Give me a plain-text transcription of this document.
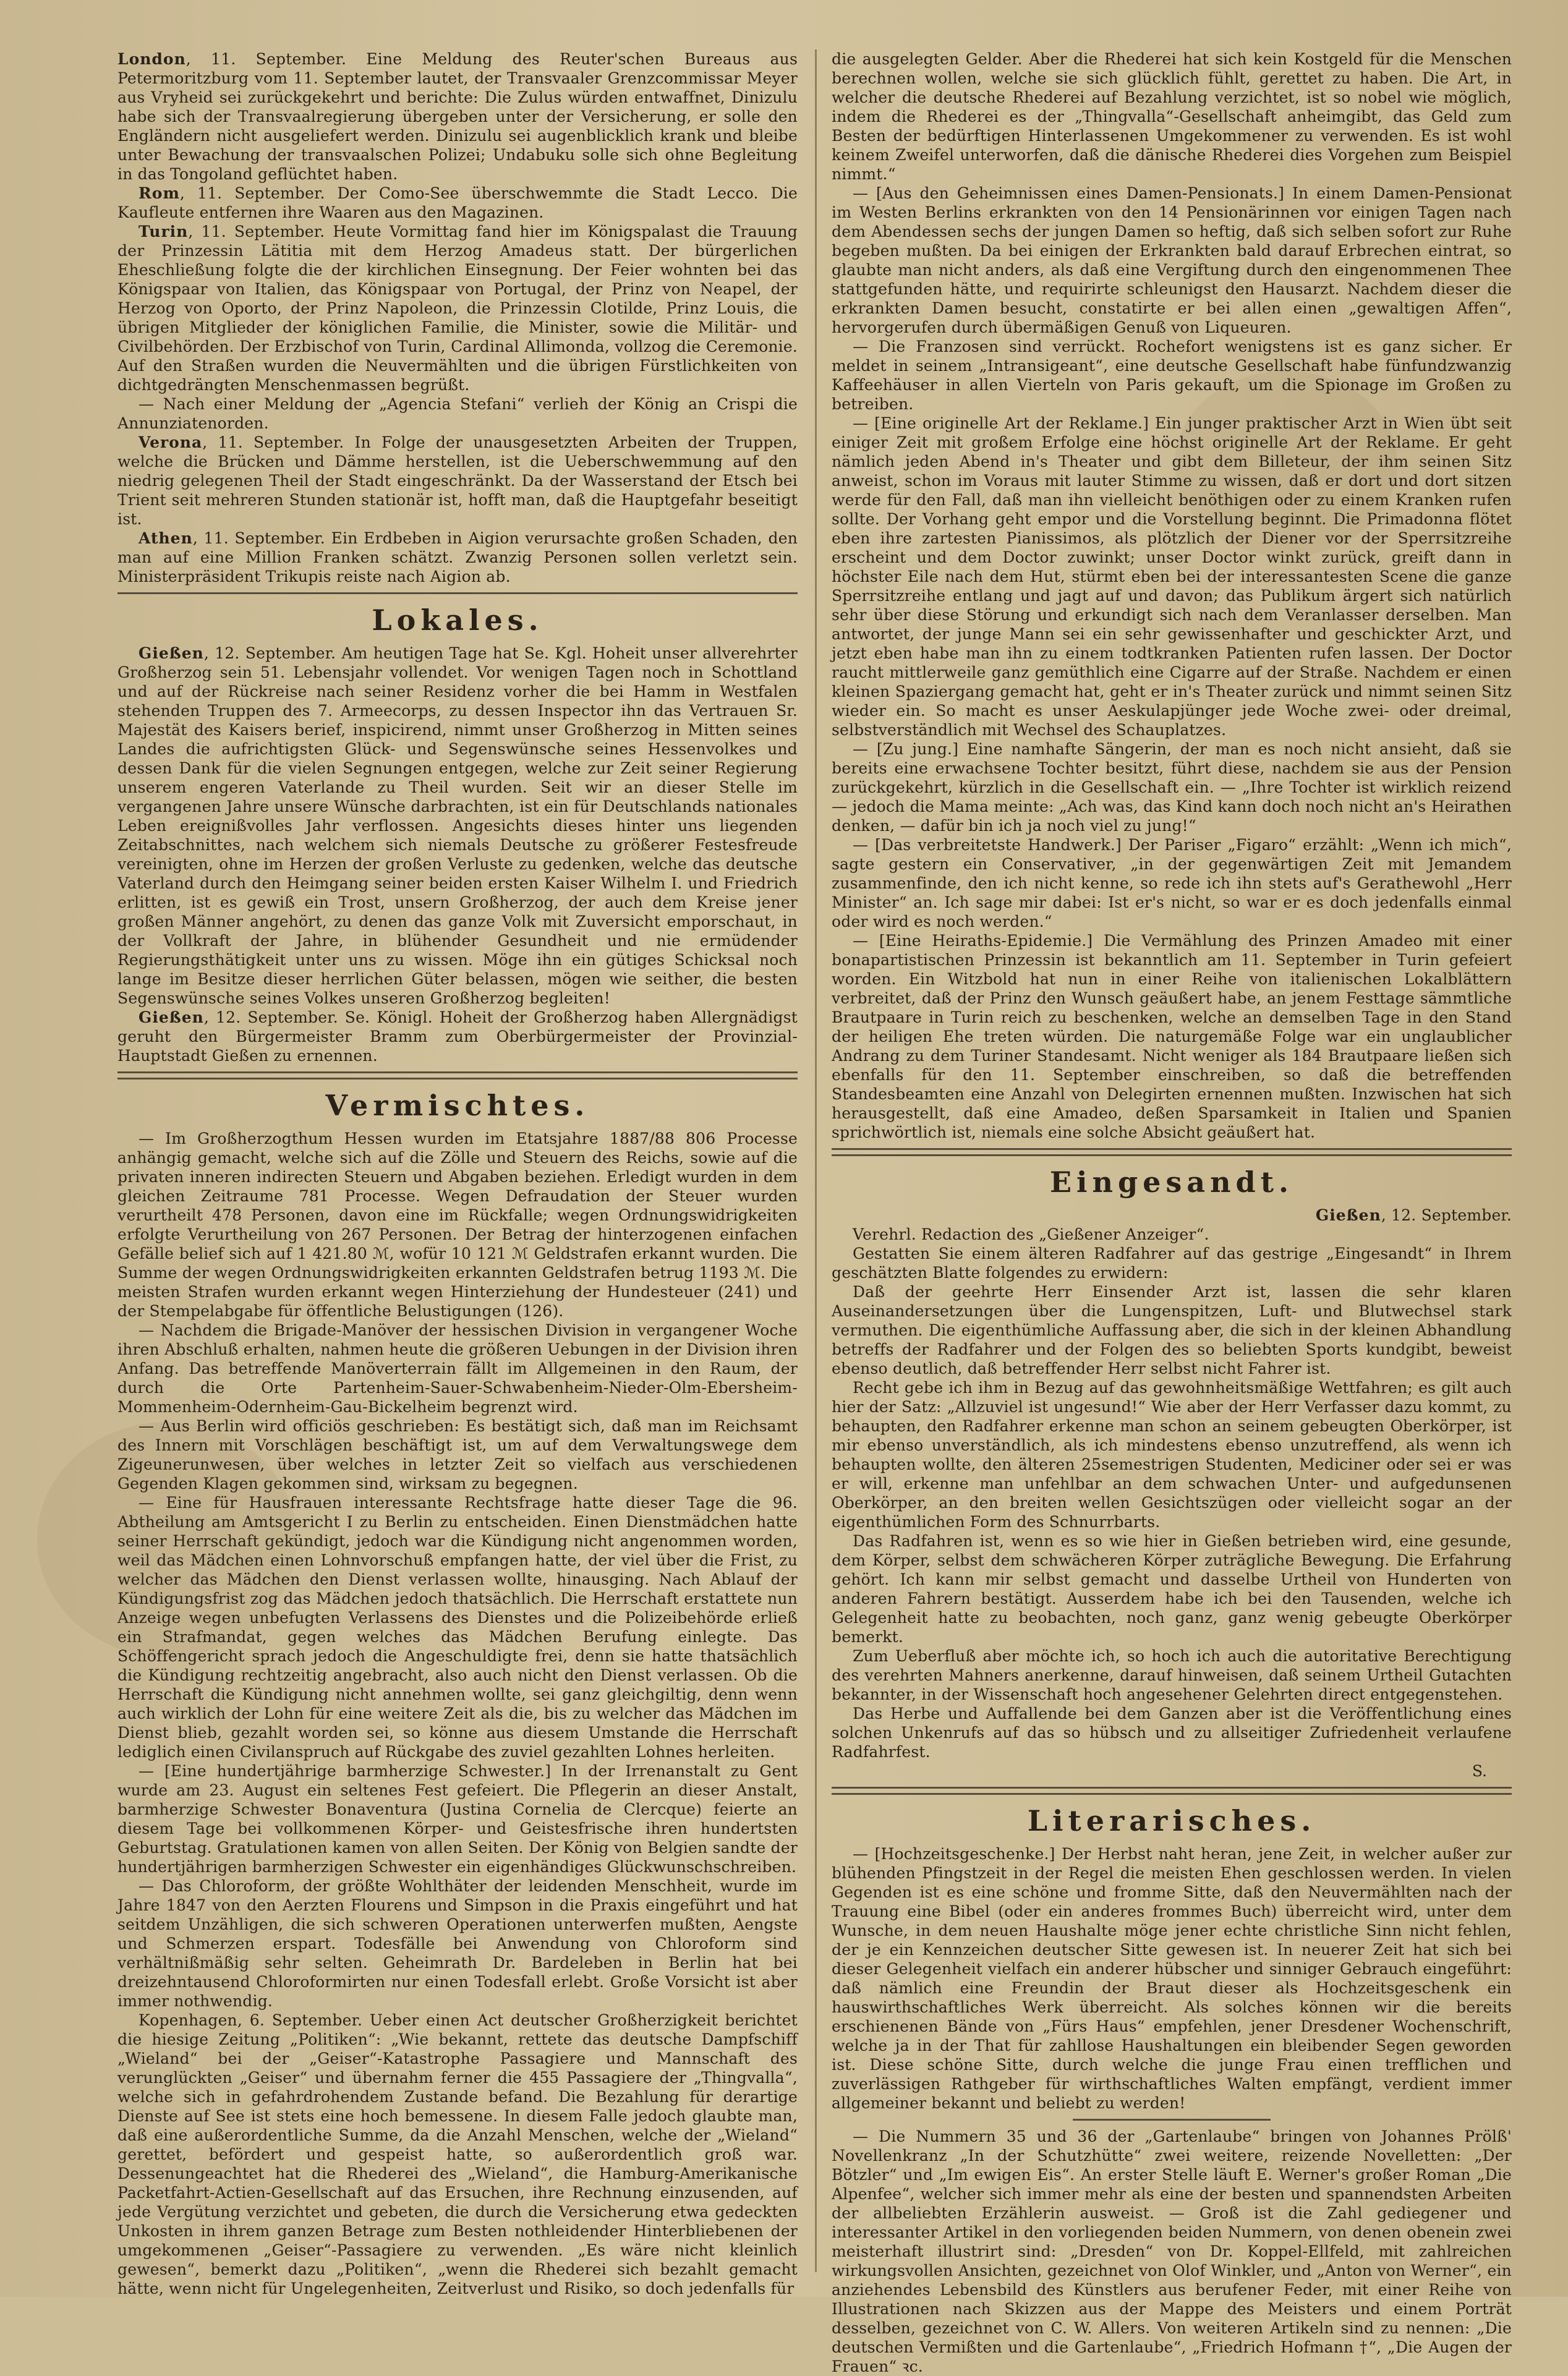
London, 11. September. Eine Meldung des Reuter'schen Bureaus aus Petermoritzburg vom 11. September lautet, der Transvaaler Grenzcommissar Meyer aus Vryheid sei zurückgekehrt und berichte: Die Zulus würden entwaffnet, Dinizulu habe sich der Transvaalregierung übergeben unter der Versicherung, er solle den Engländern nicht ausgeliefert werden. Dinizulu sei augenblicklich krank und bleibe unter Bewachung der transvaalschen Polizei; Undabuku solle sich ohne Begleitung in das Tongoland geflüchtet haben.

Rom, 11. September. Der Como-See überschwemmte die Stadt Lecco. Die Kaufleute entfernen ihre Waaren aus den Magazinen.

Turin, 11. September. Heute Vormittag fand hier im Königspalast die Trauung der Prinzessin Lätitia mit dem Herzog Amadeus statt. Der bürgerlichen Eheschließung folgte die der kirchlichen Einsegnung. Der Feier wohnten bei das Königspaar von Italien, das Königspaar von Portugal, der Prinz von Neapel, der Herzog von Oporto, der Prinz Napoleon, die Prinzessin Clotilde, Prinz Louis, die übrigen Mitglieder der königlichen Familie, die Minister, sowie die Militär- und Civilbehörden. Der Erzbischof von Turin, Cardinal Allimonda, vollzog die Ceremonie. Auf den Straßen wurden die Neuvermählten und die übrigen Fürstlichkeiten von dichtgedrängten Menschenmassen begrüßt.

— Nach einer Meldung der „Agencia Stefani“ verlieh der König an Crispi die Annunziatenorden.

Verona, 11. September. In Folge der unausgesetzten Arbeiten der Truppen, welche die Brücken und Dämme herstellen, ist die Ueberschwemmung auf den niedrig gelegenen Theil der Stadt eingeschränkt. Da der Wasserstand der Etsch bei Trient seit mehreren Stunden stationär ist, hofft man, daß die Hauptgefahr beseitigt ist.

Athen, 11. September. Ein Erdbeben in Aigion verursachte großen Schaden, den man auf eine Million Franken schätzt. Zwanzig Personen sollen verletzt sein. Ministerpräsident Trikupis reiste nach Aigion ab.

Lokales.

Gießen, 12. September. Am heutigen Tage hat Se. Kgl. Hoheit unser allverehrter Großherzog sein 51. Lebensjahr vollendet. Vor wenigen Tagen noch in Schottland und auf der Rückreise nach seiner Residenz vorher die bei Hamm in Westfalen stehenden Truppen des 7. Armeecorps, zu dessen Inspector ihn das Vertrauen Sr. Majestät des Kaisers berief, inspicirend, nimmt unser Großherzog in Mitten seines Landes die aufrichtigsten Glück- und Segenswünsche seines Hessenvolkes und dessen Dank für die vielen Segnungen entgegen, welche zur Zeit seiner Regierung unserem engeren Vaterlande zu Theil wurden. Seit wir an dieser Stelle im vergangenen Jahre unsere Wünsche darbrachten, ist ein für Deutschlands nationales Leben ereignißvolles Jahr verflossen. Angesichts dieses hinter uns liegenden Zeitabschnittes, nach welchem sich niemals Deutsche zu größerer Festesfreude vereinigten, ohne im Herzen der großen Verluste zu gedenken, welche das deutsche Vaterland durch den Heimgang seiner beiden ersten Kaiser Wilhelm I. und Friedrich erlitten, ist es gewiß ein Trost, unsern Großherzog, der auch dem Kreise jener großen Männer angehört, zu denen das ganze Volk mit Zuversicht emporschaut, in der Vollkraft der Jahre, in blühender Gesundheit und nie ermüdender Regierungsthätigkeit unter uns zu wissen. Möge ihn ein gütiges Schicksal noch lange im Besitze dieser herrlichen Güter belassen, mögen wie seither, die besten Segenswünsche seines Volkes unseren Großherzog begleiten!

Gießen, 12. September. Se. Königl. Hoheit der Großherzog haben Allergnädigst geruht den Bürgermeister Bramm zum Oberbürgermeister der Provinzial-Hauptstadt Gießen zu ernennen.

Vermischtes.

— Im Großherzogthum Hessen wurden im Etatsjahre 1887/88 806 Processe anhängig gemacht, welche sich auf die Zölle und Steuern des Reichs, sowie auf die privaten inneren indirecten Steuern und Abgaben beziehen. Erledigt wurden in dem gleichen Zeitraume 781 Processe. Wegen Defraudation der Steuer wurden verurtheilt 478 Personen, davon eine im Rückfalle; wegen Ordnungswidrigkeiten erfolgte Verurtheilung von 267 Personen. Der Betrag der hinterzogenen einfachen Gefälle belief sich auf 1 421.80 ℳ, wofür 10 121 ℳ Geldstrafen erkannt wurden. Die Summe der wegen Ordnungswidrigkeiten erkannten Geldstrafen betrug 1193 ℳ. Die meisten Strafen wurden erkannt wegen Hinterziehung der Hundesteuer (241) und der Stempelabgabe für öffentliche Belustigungen (126).

— Nachdem die Brigade-Manöver der hessischen Division in vergangener Woche ihren Abschluß erhalten, nahmen heute die größeren Uebungen in der Division ihren Anfang. Das betreffende Manöverterrain fällt im Allgemeinen in den Raum, der durch die Orte Partenheim-Sauer-Schwabenheim-Nieder-Olm-Ebersheim-Mommenheim-Odernheim-Gau-Bickelheim begrenzt wird.

— Aus Berlin wird officiös geschrieben: Es bestätigt sich, daß man im Reichsamt des Innern mit Vorschlägen beschäftigt ist, um auf dem Verwaltungswege dem Zigeunerunwesen, über welches in letzter Zeit so vielfach aus verschiedenen Gegenden Klagen gekommen sind, wirksam zu begegnen.

— Eine für Hausfrauen interessante Rechtsfrage hatte dieser Tage die 96. Abtheilung am Amtsgericht I zu Berlin zu entscheiden. Einen Dienstmädchen hatte seiner Herrschaft gekündigt, jedoch war die Kündigung nicht angenommen worden, weil das Mädchen einen Lohnvorschuß empfangen hatte, der viel über die Frist, zu welcher das Mädchen den Dienst verlassen wollte, hinausging. Nach Ablauf der Kündigungsfrist zog das Mädchen jedoch thatsächlich. Die Herrschaft erstattete nun Anzeige wegen unbefugten Verlassens des Dienstes und die Polizeibehörde erließ ein Strafmandat, gegen welches das Mädchen Berufung einlegte. Das Schöffengericht sprach jedoch die Angeschuldigte frei, denn sie hatte thatsächlich die Kündigung rechtzeitig angebracht, also auch nicht den Dienst verlassen. Ob die Herrschaft die Kündigung nicht annehmen wollte, sei ganz gleichgiltig, denn wenn auch wirklich der Lohn für eine weitere Zeit als die, bis zu welcher das Mädchen im Dienst blieb, gezahlt worden sei, so könne aus diesem Umstande die Herrschaft lediglich einen Civilanspruch auf Rückgabe des zuviel gezahlten Lohnes herleiten.

— [Eine hundertjährige barmherzige Schwester.] In der Irrenanstalt zu Gent wurde am 23. August ein seltenes Fest gefeiert. Die Pflegerin an dieser Anstalt, barmherzige Schwester Bonaventura (Justina Cornelia de Clercque) feierte an diesem Tage bei vollkommenen Körper- und Geistesfrische ihren hundertsten Geburtstag. Gratulationen kamen von allen Seiten. Der König von Belgien sandte der hundertjährigen barmherzigen Schwester ein eigenhändiges Glückwunschschreiben.

— Das Chloroform, der größte Wohlthäter der leidenden Menschheit, wurde im Jahre 1847 von den Aerzten Flourens und Simpson in die Praxis eingeführt und hat seitdem Unzähligen, die sich schweren Operationen unterwerfen mußten, Aengste und Schmerzen erspart. Todesfälle bei Anwendung von Chloroform sind verhältnißmäßig sehr selten. Geheimrath Dr. Bardeleben in Berlin hat bei dreizehntausend Chloroformirten nur einen Todesfall erlebt. Große Vorsicht ist aber immer nothwendig.

Kopenhagen, 6. September. Ueber einen Act deutscher Großherzigkeit berichtet die hiesige Zeitung „Politiken“: „Wie bekannt, rettete das deutsche Dampfschiff „Wieland“ bei der „Geiser“-Katastrophe Passagiere und Mannschaft des verunglückten „Geiser“ und übernahm ferner die 455 Passagiere der „Thingvalla“, welche sich in gefahrdrohendem Zustande befand. Die Bezahlung für derartige Dienste auf See ist stets eine hoch bemessene. In diesem Falle jedoch glaubte man, daß eine außerordentliche Summe, da die Anzahl Menschen, welche der „Wieland“ gerettet, befördert und gespeist hatte, so außerordentlich groß war. Dessenungeachtet hat die Rhederei des „Wieland“, die Hamburg-Amerikanische Packetfahrt-Actien-Gesellschaft auf das Ersuchen, ihre Rechnung einzusenden, auf jede Vergütung verzichtet und gebeten, die durch die Versicherung etwa gedeckten Unkosten in ihrem ganzen Betrage zum Besten nothleidender Hinterbliebenen der umgekommenen „Geiser“-Passagiere zu verwenden. „Es wäre nicht kleinlich gewesen“, bemerkt dazu „Politiken“, „wenn die Rhederei sich bezahlt gemacht hätte, wenn nicht für Ungelegenheiten, Zeitverlust und Risiko, so doch jedenfalls für

die ausgelegten Gelder. Aber die Rhederei hat sich kein Kostgeld für die Menschen berechnen wollen, welche sie sich glücklich fühlt, gerettet zu haben. Die Art, in welcher die deutsche Rhederei auf Bezahlung verzichtet, ist so nobel wie möglich, indem die Rhederei es der „Thingvalla“-Gesellschaft anheimgibt, das Geld zum Besten der bedürftigen Hinterlassenen Umgekommener zu verwenden. Es ist wohl keinem Zweifel unterworfen, daß die dänische Rhederei dies Vorgehen zum Beispiel nimmt.“

— [Aus den Geheimnissen eines Damen-Pensionats.] In einem Damen-Pensionat im Westen Berlins erkrankten von den 14 Pensionärinnen vor einigen Tagen nach dem Abendessen sechs der jungen Damen so heftig, daß sich selben sofort zur Ruhe begeben mußten. Da bei einigen der Erkrankten bald darauf Erbrechen eintrat, so glaubte man nicht anders, als daß eine Vergiftung durch den eingenommenen Thee stattgefunden hätte, und requirirte schleunigst den Hausarzt. Nachdem dieser die erkrankten Damen besucht, constatirte er bei allen einen „gewaltigen Affen“, hervorgerufen durch übermäßigen Genuß von Liqueuren.

— Die Franzosen sind verrückt. Rochefort wenigstens ist es ganz sicher. Er meldet in seinem „Intransigeant“, eine deutsche Gesellschaft habe fünfundzwanzig Kaffeehäuser in allen Vierteln von Paris gekauft, um die Spionage im Großen zu betreiben.

— [Eine originelle Art der Reklame.] Ein junger praktischer Arzt in Wien übt seit einiger Zeit mit großem Erfolge eine höchst originelle Art der Reklame. Er geht nämlich jeden Abend in's Theater und gibt dem Billeteur, der ihm seinen Sitz anweist, schon im Voraus mit lauter Stimme zu wissen, daß er dort und dort sitzen werde für den Fall, daß man ihn vielleicht benöthigen oder zu einem Kranken rufen sollte. Der Vorhang geht empor und die Vorstellung beginnt. Die Primadonna flötet eben ihre zartesten Pianissimos, als plötzlich der Diener vor der Sperrsitzreihe erscheint und dem Doctor zuwinkt; unser Doctor winkt zurück, greift dann in höchster Eile nach dem Hut, stürmt eben bei der interessantesten Scene die ganze Sperrsitzreihe entlang und jagt auf und davon; das Publikum ärgert sich natürlich sehr über diese Störung und erkundigt sich nach dem Veranlasser derselben. Man antwortet, der junge Mann sei ein sehr gewissenhafter und geschickter Arzt, und jetzt eben habe man ihn zu einem todtkranken Patienten rufen lassen. Der Doctor raucht mittlerweile ganz gemüthlich eine Cigarre auf der Straße. Nachdem er einen kleinen Spaziergang gemacht hat, geht er in's Theater zurück und nimmt seinen Sitz wieder ein. So macht es unser Aeskulapjünger jede Woche zwei- oder dreimal, selbstverständlich mit Wechsel des Schauplatzes.

— [Zu jung.] Eine namhafte Sängerin, der man es noch nicht ansieht, daß sie bereits eine erwachsene Tochter besitzt, führt diese, nachdem sie aus der Pension zurückgekehrt, kürzlich in die Gesellschaft ein. — „Ihre Tochter ist wirklich reizend — jedoch die Mama meinte: „Ach was, das Kind kann doch noch nicht an's Heirathen denken, — dafür bin ich ja noch viel zu jung!“

— [Das verbreitetste Handwerk.] Der Pariser „Figaro“ erzählt: „Wenn ich mich“, sagte gestern ein Conservativer, „in der gegenwärtigen Zeit mit Jemandem zusammenfinde, den ich nicht kenne, so rede ich ihn stets auf's Gerathewohl „Herr Minister“ an. Ich sage mir dabei: Ist er's nicht, so war er es doch jedenfalls einmal oder wird es noch werden.“

— [Eine Heiraths-Epidemie.] Die Vermählung des Prinzen Amadeo mit einer bonapartistischen Prinzessin ist bekanntlich am 11. September in Turin gefeiert worden. Ein Witzbold hat nun in einer Reihe von italienischen Lokalblättern verbreitet, daß der Prinz den Wunsch geäußert habe, an jenem Festtage sämmtliche Brautpaare in Turin reich zu beschenken, welche an demselben Tage in den Stand der heiligen Ehe treten würden. Die naturgemäße Folge war ein unglaublicher Andrang zu dem Turiner Standesamt. Nicht weniger als 184 Brautpaare ließen sich ebenfalls für den 11. September einschreiben, so daß die betreffenden Standesbeamten eine Anzahl von Delegirten ernennen mußten. Inzwischen hat sich herausgestellt, daß eine Amadeo, deßen Sparsamkeit in Italien und Spanien sprichwörtlich ist, niemals eine solche Absicht geäußert hat.

Eingesandt.

Gießen, 12. September.

Verehrl. Redaction des „Gießener Anzeiger“.

Gestatten Sie einem älteren Radfahrer auf das gestrige „Eingesandt“ in Ihrem geschätzten Blatte folgendes zu erwidern:

Daß der geehrte Herr Einsender Arzt ist, lassen die sehr klaren Auseinandersetzungen über die Lungenspitzen, Luft- und Blutwechsel stark vermuthen. Die eigenthümliche Auffassung aber, die sich in der kleinen Abhandlung betreffs der Radfahrer und der Folgen des so beliebten Sports kundgibt, beweist ebenso deutlich, daß betreffender Herr selbst nicht Fahrer ist.

Recht gebe ich ihm in Bezug auf das gewohnheitsmäßige Wettfahren; es gilt auch hier der Satz: „Allzuviel ist ungesund!“ Wie aber der Herr Verfasser dazu kommt, zu behaupten, den Radfahrer erkenne man schon an seinem gebeugten Oberkörper, ist mir ebenso unverständlich, als ich mindestens ebenso unzutreffend, als wenn ich behaupten wollte, den älteren 25semestrigen Studenten, Mediciner oder sei er was er will, erkenne man unfehlbar an dem schwachen Unter- und aufgedunsenen Oberkörper, an den breiten wellen Gesichtszügen oder vielleicht sogar an der eigenthümlichen Form des Schnurrbarts.

Das Radfahren ist, wenn es so wie hier in Gießen betrieben wird, eine gesunde, dem Körper, selbst dem schwächeren Körper zuträgliche Bewegung. Die Erfahrung gehört. Ich kann mir selbst gemacht und dasselbe Urtheil von Hunderten von anderen Fahrern bestätigt. Ausserdem habe ich bei den Tausenden, welche ich Gelegenheit hatte zu beobachten, noch ganz, ganz wenig gebeugte Oberkörper bemerkt.

Zum Ueberfluß aber möchte ich, so hoch ich auch die autoritative Berechtigung des verehrten Mahners anerkenne, darauf hinweisen, daß seinem Urtheil Gutachten bekannter, in der Wissenschaft hoch angesehener Gelehrten direct entgegenstehen.

Das Herbe und Auffallende bei dem Ganzen aber ist die Veröffentlichung eines solchen Unkenrufs auf das so hübsch und zu allseitiger Zufriedenheit verlaufene Radfahrfest.

S.
Literarisches.

— [Hochzeitsgeschenke.] Der Herbst naht heran, jene Zeit, in welcher außer zur blühenden Pfingstzeit in der Regel die meisten Ehen geschlossen werden. In vielen Gegenden ist es eine schöne und fromme Sitte, daß den Neuvermählten nach der Trauung eine Bibel (oder ein anderes frommes Buch) überreicht wird, unter dem Wunsche, in dem neuen Haushalte möge jener echte christliche Sinn nicht fehlen, der je ein Kennzeichen deutscher Sitte gewesen ist. In neuerer Zeit hat sich bei dieser Gelegenheit vielfach ein anderer hübscher und sinniger Gebrauch eingeführt: daß nämlich eine Freundin der Braut dieser als Hochzeitsgeschenk ein hauswirthschaftliches Werk überreicht. Als solches können wir die bereits erschienenen Bände von „Fürs Haus“ empfehlen, jener Dresdener Wochenschrift, welche ja in der That für zahllose Haushaltungen ein bleibender Segen geworden ist. Diese schöne Sitte, durch welche die junge Frau einen trefflichen und zuverlässigen Rathgeber für wirthschaftliches Walten empfängt, verdient immer allgemeiner bekannt und beliebt zu werden!

— Die Nummern 35 und 36 der „Gartenlaube“ bringen von Johannes Prölß' Novellenkranz „In der Schutzhütte“ zwei weitere, reizende Novelletten: „Der Bötzler“ und „Im ewigen Eis“. An erster Stelle läuft E. Werner's großer Roman „Die Alpenfee“, welcher sich immer mehr als eine der besten und spannendsten Arbeiten der allbeliebten Erzählerin ausweist. — Groß ist die Zahl gediegener und interessanter Artikel in den vorliegenden beiden Nummern, von denen obenein zwei meisterhaft illustrirt sind: „Dresden“ von Dr. Koppel-Ellfeld, mit zahlreichen wirkungsvollen Ansichten, gezeichnet von Olof Winkler, und „Anton von Werner“, ein anziehendes Lebensbild des Künstlers aus berufener Feder, mit einer Reihe von Illustrationen nach Skizzen aus der Mappe des Meisters und einem Porträt desselben, gezeichnet von C. W. Allers. Von weiteren Artikeln sind zu nennen: „Die deutschen Vermißten und die Gartenlaube“, „Friedrich Hofmann †“, „Die Augen der Frauen“ ꝛc.
